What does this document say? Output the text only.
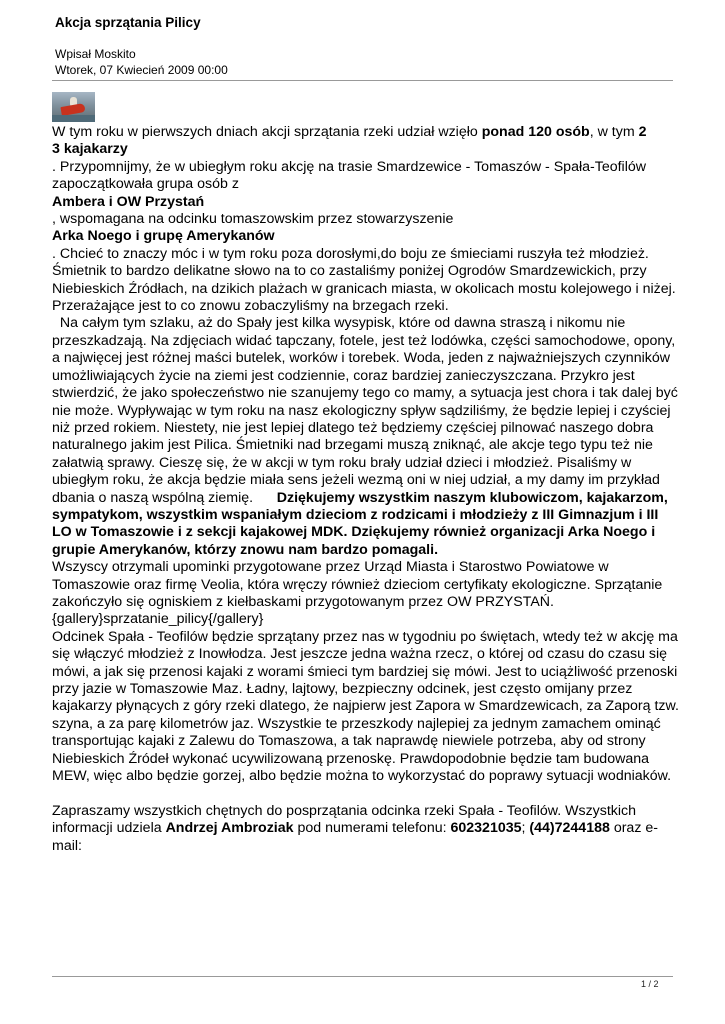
Akcja sprzątania Pilicy
Wpisał Moskito
Wtorek, 07 Kwiecień 2009 00:00

W tym roku w pierwszych dniach akcji sprzątania rzeki udział wzięło ponad 120 osób, w tym 2

3 kajakarzy

. Przypomnijmy, że w ubiegłym roku akcję na trasie Smardzewice - Tomaszów - Spała-Teofilów zapoczątkowała grupa osób z

Ambera i OW Przystań

, wspomagana na odcinku tomaszowskim przez stowarzyszenie

Arka Noego i grupę Amerykanów

. Chcieć to znaczy móc i w tym roku poza dorosłymi,do boju ze śmieciami ruszyła też młodzież. Śmietnik to bardzo delikatne słowo na to co zastaliśmy poniżej Ogrodów Smardzewickich, przy Niebieskich Źródłach, na dzikich plażach w granicach miasta, w okolicach mostu kolejowego i niżej. Przerażające jest to co znowu zobaczyliśmy na brzegach rzeki.

Na całym tym szlaku, aż do Spały jest kilka wysypisk, które od dawna straszą i nikomu nie przeszkadzają. Na zdjęciach widać tapczany, fotele, jest też lodówka, części samochodowe, opony, a najwięcej jest różnej maści butelek, worków i torebek. Woda, jeden z najważniejszych czynników umożliwiających życie na ziemi jest codziennie, coraz bardziej zanieczyszczana. Przykro jest stwierdzić, że jako społeczeństwo nie szanujemy tego co mamy, a sytuacja jest chora i tak dalej być nie może. Wypływając w tym roku na nasz ekologiczny spływ sądziliśmy, że będzie lepiej i czyściej niż przed rokiem. Niestety, nie jest lepiej dlatego też będziemy częściej pilnować naszego dobra naturalnego jakim jest Pilica. Śmietniki nad brzegami muszą zniknąć, ale akcje tego typu też nie załatwią sprawy. Cieszę się, że w akcji w tym roku brały udział dzieci i młodzież. Pisaliśmy w ubiegłym roku, że akcja będzie miała sens jeżeli wezmą oni w niej udział, a my damy im przykład dbania o naszą wspólną ziemię.      Dziękujemy wszystkim naszym klubowiczom, kajakarzom, sympatykom, wszystkim wspaniałym dzieciom z rodzicami i młodzieży z III Gimnazjum i III LO w Tomaszowie i z sekcji kajakowej MDK. Dziękujemy również organizacji Arka Noego i grupie Amerykanów, którzy znowu nam bardzo pomagali.

Wszyscy otrzymali upominki przygotowane przez Urząd Miasta i Starostwo Powiatowe w Tomaszowie oraz firmę Veolia, która wręczy również dzieciom certyfikaty ekologiczne. Sprzątanie zakończyło się ogniskiem z kiełbaskami przygotowanym przez OW PRZYSTAŃ.

{gallery}sprzatanie_pilicy{/gallery}

Odcinek Spała - Teofilów będzie sprzątany przez nas w tygodniu po świętach, wtedy też w akcję ma się włączyć młodzież z Inowłodza. Jest jeszcze jedna ważna rzecz, o której od czasu do czasu się mówi, a jak się przenosi kajaki z worami śmieci tym bardziej się mówi. Jest to uciążliwość przenoski przy jazie w Tomaszowie Maz. Ładny, lajtowy, bezpieczny odcinek, jest często omijany przez kajakarzy płynących z góry rzeki dlatego, że najpierw jest Zapora w Smardzewicach, za Zaporą tzw. szyna, a za parę kilometrów jaz. Wszystkie te przeszkody najlepiej za jednym zamachem ominąć transportując kajaki z Zalewu do Tomaszowa, a tak naprawdę niewiele potrzeba, aby od strony Niebieskich Źródeł wykonać ucywilizowaną przenoskę. Prawdopodobnie będzie tam budowana MEW, więc albo będzie gorzej, albo będzie można to wykorzystać do poprawy sytuacji wodniaków.

Zapraszamy wszystkich chętnych do posprzątania odcinka rzeki Spała - Teofilów. Wszystkich informacji udziela Andrzej Ambroziak pod numerami telefonu: 602321035; (44)7244188 oraz e-mail:

1 / 2
